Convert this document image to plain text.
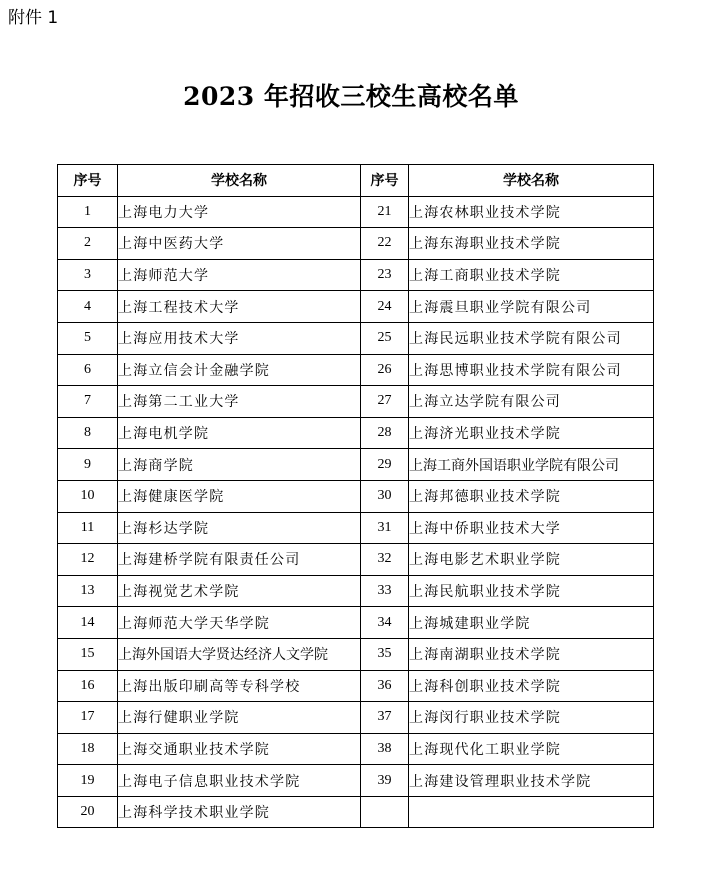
附件 1
2023 年招收三校生高校名单
序号	学校名称	序号	学校名称
1	上海电力大学	21	上海农林职业技术学院
2	上海中医药大学	22	上海东海职业技术学院
3	上海师范大学	23	上海工商职业技术学院
4	上海工程技术大学	24	上海震旦职业学院有限公司
5	上海应用技术大学	25	上海民远职业技术学院有限公司
6	上海立信会计金融学院	26	上海思博职业技术学院有限公司
7	上海第二工业大学	27	上海立达学院有限公司
8	上海电机学院	28	上海济光职业技术学院
9	上海商学院	29	上海工商外国语职业学院有限公司
10	上海健康医学院	30	上海邦德职业技术学院
11	上海杉达学院	31	上海中侨职业技术大学
12	上海建桥学院有限责任公司	32	上海电影艺术职业学院
13	上海视觉艺术学院	33	上海民航职业技术学院
14	上海师范大学天华学院	34	上海城建职业学院
15	上海外国语大学贤达经济人文学院	35	上海南湖职业技术学院
16	上海出版印刷高等专科学校	36	上海科创职业技术学院
17	上海行健职业学院	37	上海闵行职业技术学院
18	上海交通职业技术学院	38	上海现代化工职业学院
19	上海电子信息职业技术学院	39	上海建设管理职业技术学院
20	上海科学技术职业学院		
